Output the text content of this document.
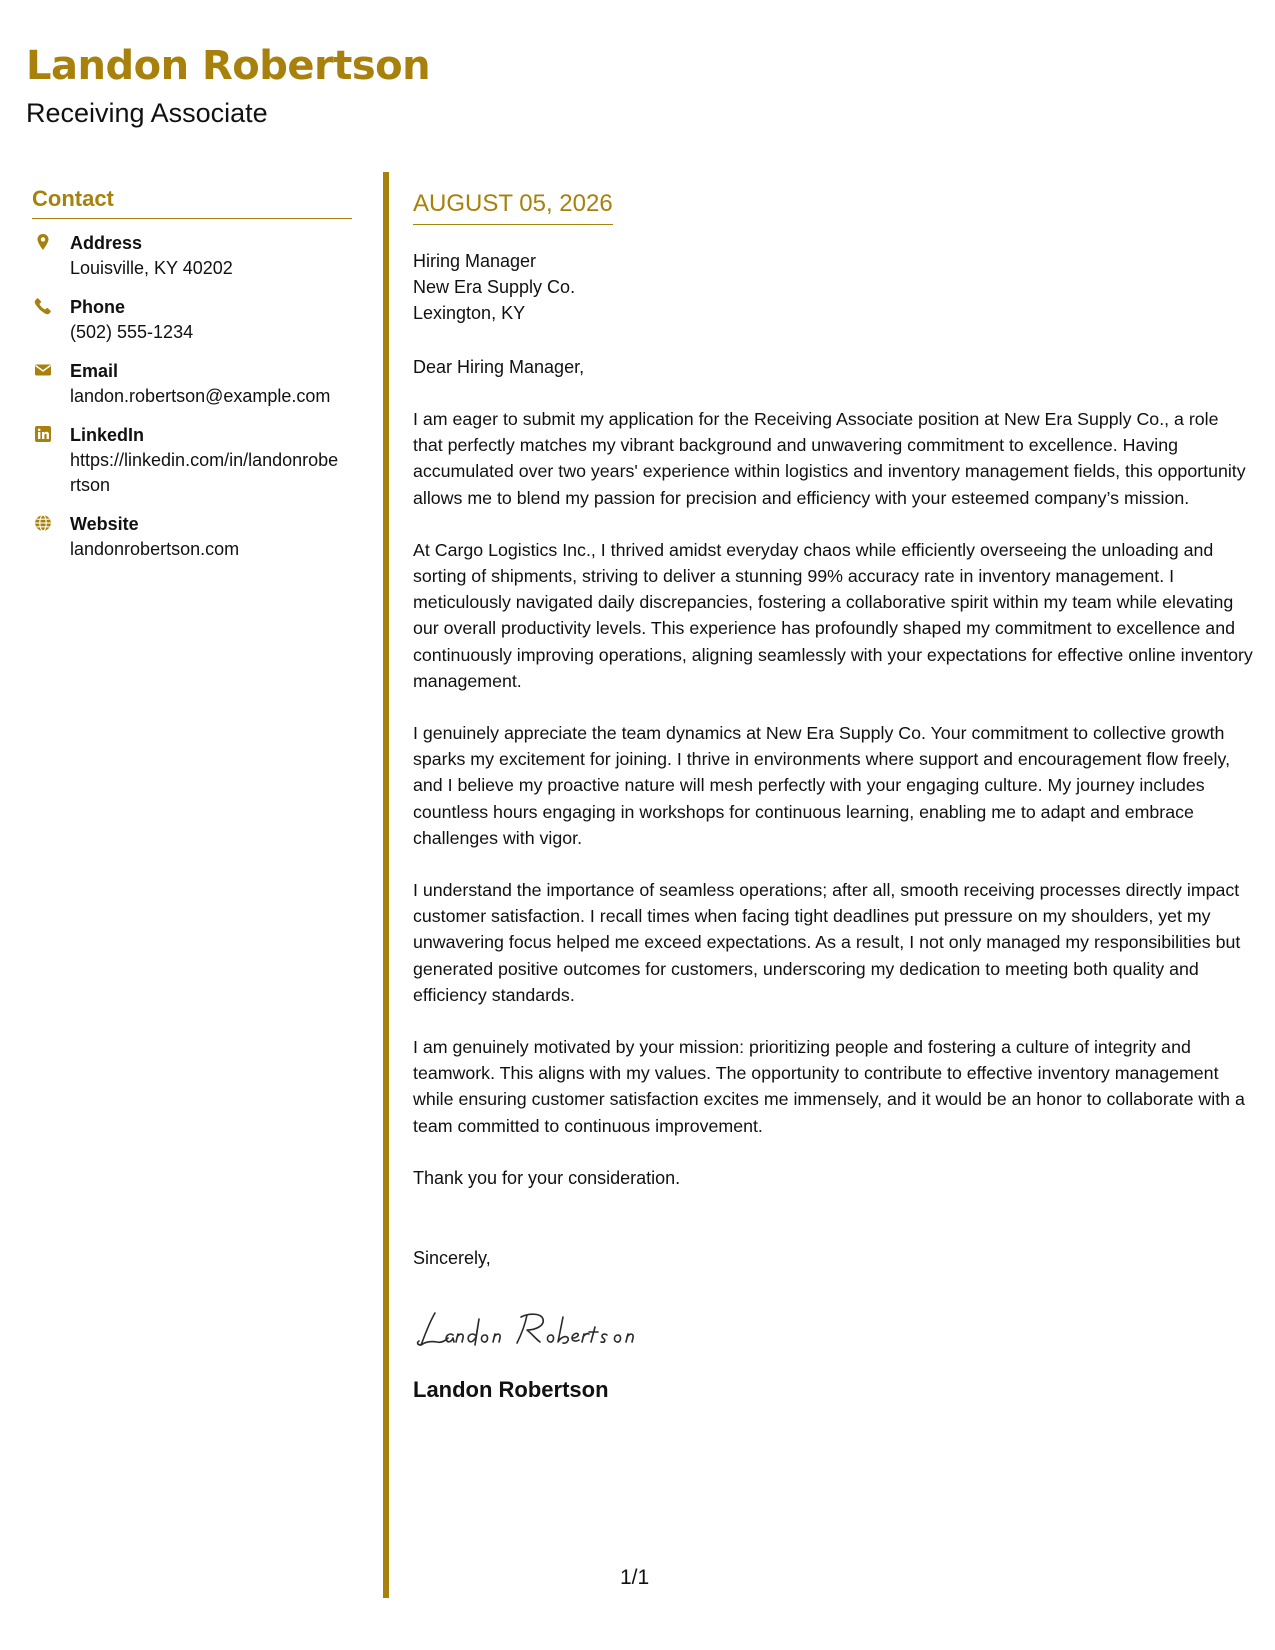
Landon Robertson
Receiving Associate
Contact
Address
Louisville, KY 40202
Phone
(502) 555-1234
Email
landon.robertson@example.com
LinkedIn
https://linkedin.com/in/landonrobertson
Website
landonrobertson.com
AUGUST 05, 2026
Hiring Manager
New Era Supply Co.
Lexington, KY
Dear Hiring Manager,

I am eager to submit my application for the Receiving Associate position at New Era Supply Co., a role that perfectly matches my vibrant background and unwavering commitment to excellence. Having accumulated over two years' experience within logistics and inventory management fields, this opportunity allows me to blend my passion for precision and efficiency with your esteemed company’s mission.

At Cargo Logistics Inc., I thrived amidst everyday chaos while efficiently overseeing the unloading and sorting of shipments, striving to deliver a stunning 99% accuracy rate in inventory management. I meticulously navigated daily discrepancies, fostering a collaborative spirit within my team while elevating our overall productivity levels. This experience has profoundly shaped my commitment to excellence and continuously improving operations, aligning seamlessly with your expectations for effective online inventory management.

I genuinely appreciate the team dynamics at New Era Supply Co. Your commitment to collective growth sparks my excitement for joining. I thrive in environments where support and encouragement flow freely, and I believe my proactive nature will mesh perfectly with your engaging culture. My journey includes countless hours engaging in workshops for continuous learning, enabling me to adapt and embrace challenges with vigor.

I understand the importance of seamless operations; after all, smooth receiving processes directly impact customer satisfaction. I recall times when facing tight deadlines put pressure on my shoulders, yet my unwavering focus helped me exceed expectations. As a result, I not only managed my responsibilities but generated positive outcomes for customers, underscoring my dedication to meeting both quality and efficiency standards.

I am genuinely motivated by your mission: prioritizing people and fostering a culture of integrity and teamwork. This aligns with my values. The opportunity to contribute to effective inventory management while ensuring customer satisfaction excites me immensely, and it would be an honor to collaborate with a team committed to continuous improvement.

Thank you for your consideration.
Sincerely,
Landon Robertson
1/1
